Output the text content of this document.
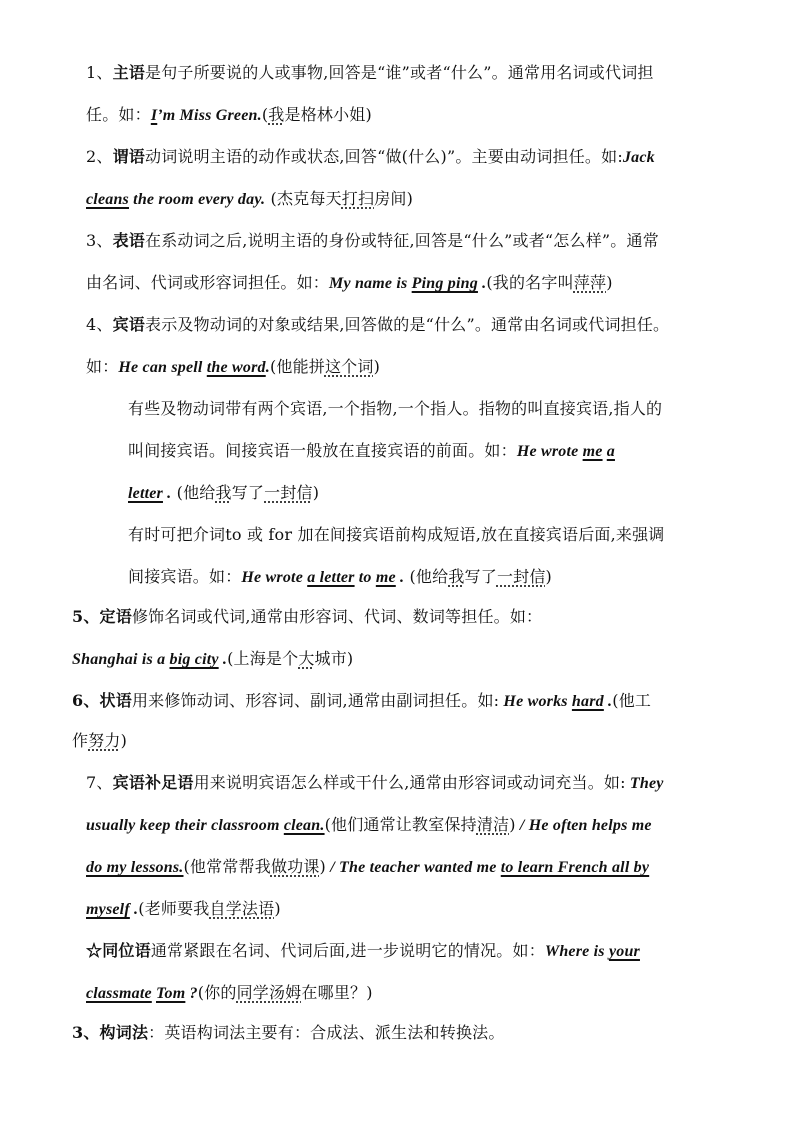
1、主语是句子所要说的人或事物,回答是“谁”或者“什么”。通常用名词或代词担
任。如：I’m Miss Green.(我是格林小姐)
2、谓语动词说明主语的动作或状态,回答“做(什么)”。主要由动词担任。如:Jack
cleans the room every day. (杰克每天打扫房间)
3、表语在系动词之后,说明主语的身份或特征,回答是“什么”或者“怎么样”。通常
由名词、代词或形容词担任。如：My name is Ping ping .(我的名字叫萍萍)
4、宾语表示及物动词的对象或结果,回答做的是“什么”。通常由名词或代词担任。
如：He can spell the word.(他能拼这个词)
有些及物动词带有两个宾语,一个指物,一个指人。指物的叫直接宾语,指人的
叫间接宾语。间接宾语一般放在直接宾语的前面。如：He wrote me a
letter . (他给我写了一封信)
有时可把介词to 或 for 加在间接宾语前构成短语,放在直接宾语后面,来强调
间接宾语。如：He wrote a letter to me . (他给我写了一封信)
5、定语修饰名词或代词,通常由形容词、代词、数词等担任。如：
Shanghai is a big city .(上海是个大城市)
6、状语用来修饰动词、形容词、副词,通常由副词担任。如: He works hard .(他工
作努力)
7、宾语补足语用来说明宾语怎么样或干什么,通常由形容词或动词充当。如: They
usually keep their classroom clean.(他们通常让教室保持清洁) / He often helps me
do my lessons.(他常常帮我做功课) / The teacher wanted me to learn French all by
myself .(老师要我自学法语)
☆同位语通常紧跟在名词、代词后面,进一步说明它的情况。如：Where is your
classmate Tom ?(你的同学汤姆在哪里？)
3、构词法：英语构词法主要有：合成法、派生法和转换法。
